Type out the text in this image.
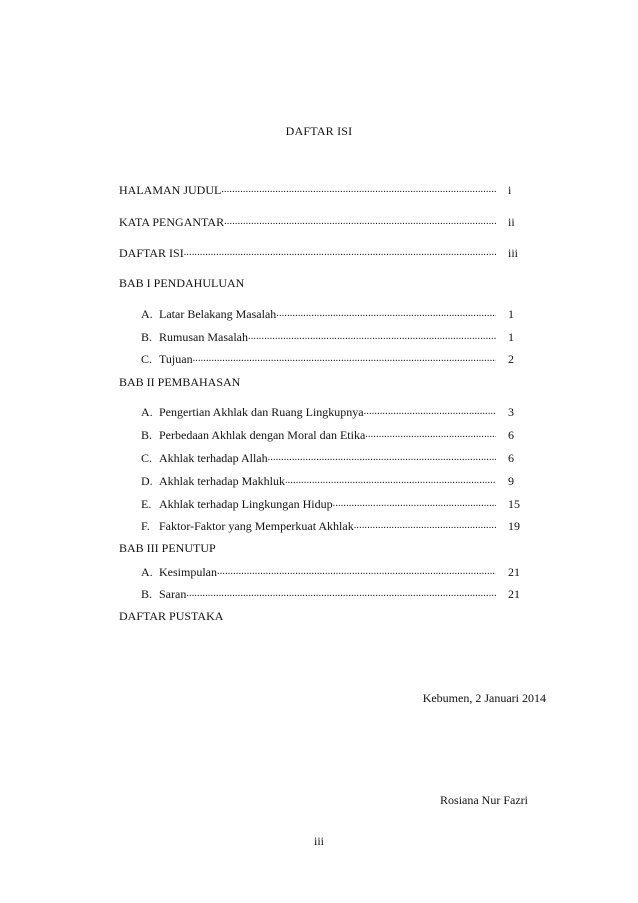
DAFTAR ISI
HALAMAN JUDUL .....	i
KATA PENGANTAR .....	ii
DAFTAR ISI .....	iii
BAB I PENDAHULUAN
A. Latar Belakang Masalah .....	1
B. Rumusan Masalah .....	1
C. Tujuan .....	2
BAB II PEMBAHASAN
A. Pengertian Akhlak dan Ruang Lingkupnya .....	3
B. Perbedaan Akhlak dengan Moral dan Etika .....	6
C. Akhlak terhadap Allah .....	6
D. Akhlak terhadap Makhluk .....	9
E. Akhlak terhadap Lingkungan Hidup .....	15
F. Faktor-Faktor yang Memperkuat Akhlak .....	19
BAB III PENUTUP
A. Kesimpulan .....	21
B. Saran .....	21
DAFTAR PUSTAKA
Kebumen, 2 Januari 2014
Rosiana Nur Fazri
iii
